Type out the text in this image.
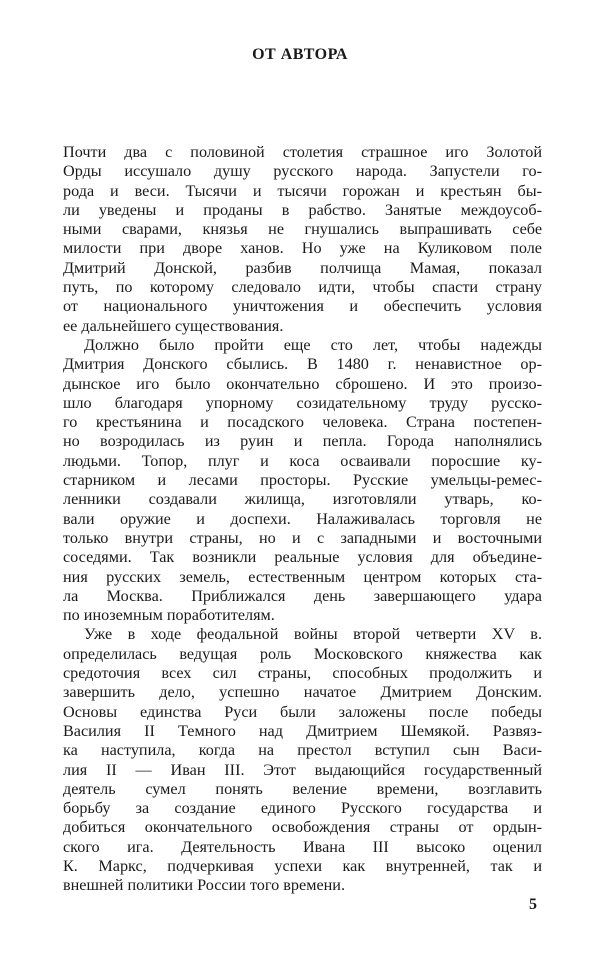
ОТ АВТОРА
Почти два с половиной столетия страшное иго Золотой
Орды иссушало душу русского народа. Запустели го-
рода и веси. Тысячи и тысячи горожан и крестьян бы-
ли уведены и проданы в рабство. Занятые междоусоб-
ными сварами, князья не гнушались выпрашивать себе
милости при дворе ханов. Но уже на Куликовом поле
Дмитрий Донской, разбив полчища Мамая, показал
путь, по которому следовало идти, чтобы спасти страну
от национального уничтожения и обеспечить условия
ее дальнейшего существования.
Должно было пройти еще сто лет, чтобы надежды
Дмитрия Донского сбылись. В 1480 г. ненавистное ор-
дынское иго было окончательно сброшено. И это произо-
шло благодаря упорному созидательному труду русско-
го крестьянина и посадского человека. Страна постепен-
но возродилась из руин и пепла. Города наполнялись
людьми. Топор, плуг и коса осваивали поросшие ку-
старником и лесами просторы. Русские умельцы-ремес-
ленники создавали жилища, изготовляли утварь, ко-
вали оружие и доспехи. Налаживалась торговля не
только внутри страны, но и с западными и восточными
соседями. Так возникли реальные условия для объедине-
ния русских земель, естественным центром которых ста-
ла Москва. Приближался день завершающего удара
по иноземным поработителям.
Уже в ходе феодальной войны второй четверти XV в.
определилась ведущая роль Московского княжества как
средоточия всех сил страны, способных продолжить и
завершить дело, успешно начатое Дмитрием Донским.
Основы единства Руси были заложены после победы
Василия II Темного над Дмитрием Шемякой. Развяз-
ка наступила, когда на престол вступил сын Васи-
лия II — Иван III. Этот выдающийся государственный
деятель сумел понять веление времени, возглавить
борьбу за создание единого Русского государства и
добиться окончательного освобождения страны от ордын-
ского ига. Деятельность Ивана III высоко оценил
К. Маркс, подчеркивая успехи как внутренней, так и
внешней политики России того времени.
5
